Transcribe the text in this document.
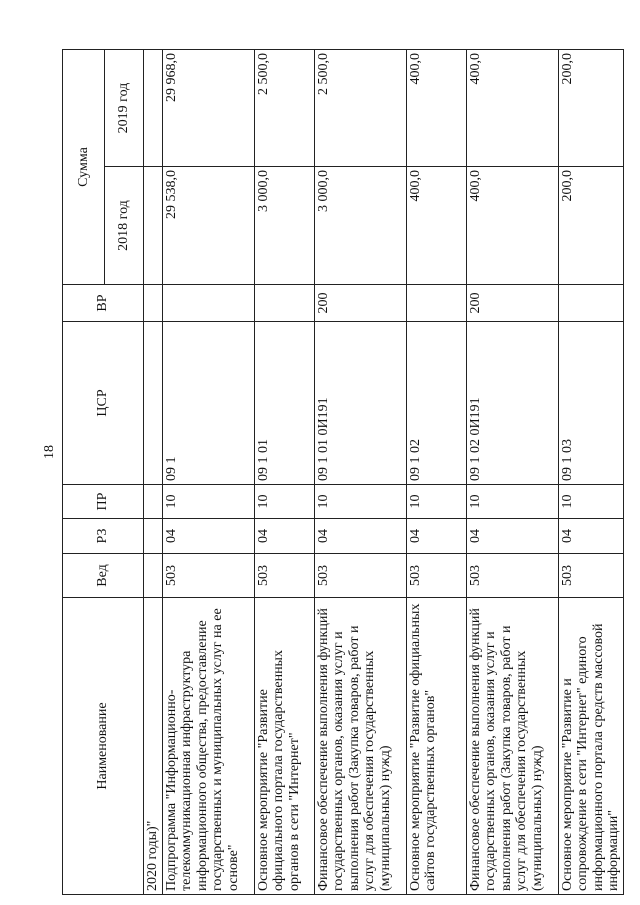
18
Наименование	Вед	РЗ	ПР	ЦСР	ВР	Сумма	
						2018 год	2019 год
2020 годы)"							
Подпрограмма "Информационно-телекоммуникационная инфраструктура информационного общества, предоставление государственных и муниципальных услуг на ее основе"	503	04	10	09 1		29 538,0	29 968,0
Основное мероприятие "Развитие официального портала государственных органов в сети "Интернет"	503	04	10	09 1 01		3 000,0	2 500,0
Финансовое обеспечение выполнения функций государственных органов, оказания услуг и выполнения работ (Закупка товаров, работ и услуг для обеспечения государственных (муниципальных) нужд)	503	04	10	09 1 01 0И191	200	3 000,0	2 500,0
Основное мероприятие "Развитие официальных сайтов государственных органов"	503	04	10	09 1 02		400,0	400,0
Финансовое обеспечение выполнения функций государственных органов, оказания услуг и выполнения работ (Закупка товаров, работ и услуг для обеспечения государственных (муниципальных) нужд)	503	04	10	09 1 02 0И191	200	400,0	400,0
Основное мероприятие "Развитие и сопровождение в сети "Интернет" единого информационного портала средств массовой информации"	503	04	10	09 1 03		200,0	200,0
